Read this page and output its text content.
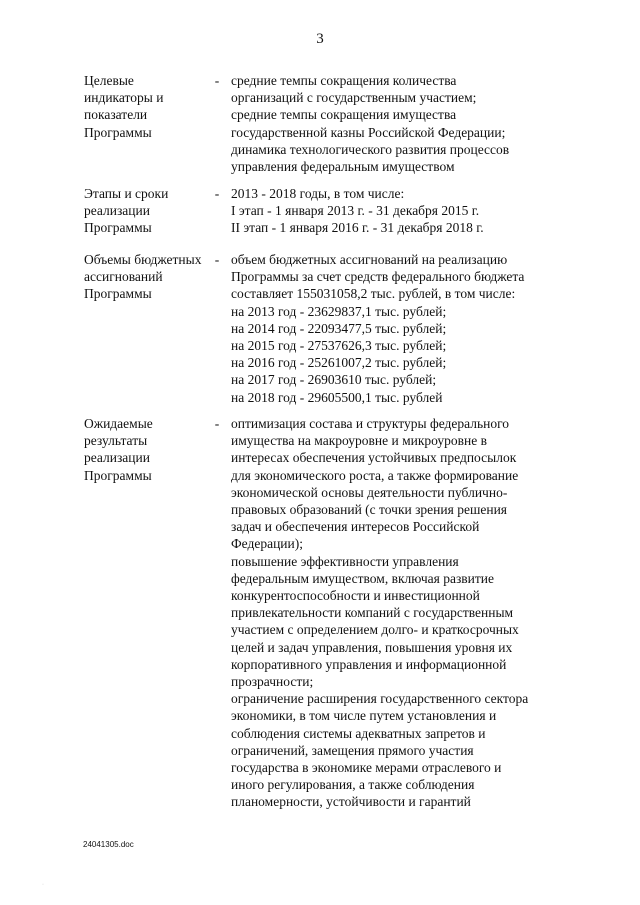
3
Целевые
индикаторы и
показатели
Программы
- средние темпы сокращения количества
организаций с государственным участием;
средние темпы сокращения имущества
государственной казны Российской Федерации;
динамика технологического развития процессов
управления федеральным имуществом
Этапы и сроки
реализации
Программы
- 2013 - 2018 годы, в том числе:
I этап - 1 января 2013 г. - 31 декабря 2015 г.
II этап - 1 января 2016 г. - 31 декабря 2018 г.
Объемы бюджетных
ассигнований
Программы
- объем бюджетных ассигнований на реализацию
Программы за счет средств федерального бюджета
составляет 155031058,2 тыс. рублей, в том числе:
на 2013 год - 23629837,1 тыс. рублей;
на 2014 год - 22093477,5 тыс. рублей;
на 2015 год - 27537626,3 тыс. рублей;
на 2016 год - 25261007,2 тыс. рублей;
на 2017 год - 26903610 тыс. рублей;
на 2018 год - 29605500,1 тыс. рублей
Ожидаемые
результаты
реализации
Программы
- оптимизация состава и структуры федерального
имущества на макроуровне и микроуровне в
интересах обеспечения устойчивых предпосылок
для экономического роста, а также формирование
экономической основы деятельности публично-
правовых образований (с точки зрения решения
задач и обеспечения интересов Российской
Федерации);
повышение эффективности управления
федеральным имуществом, включая развитие
конкурентоспособности и инвестиционной
привлекательности компаний с государственным
участием с определением долго- и краткосрочных
целей и задач управления, повышения уровня их
корпоративного управления и информационной
прозрачности;
ограничение расширения государственного сектора
экономики, в том числе путем установления и
соблюдения системы адекватных запретов и
ограничений, замещения прямого участия
государства в экономике мерами отраслевого и
иного регулирования, а также соблюдения
планомерности, устойчивости и гарантий
24041305.doc
·
